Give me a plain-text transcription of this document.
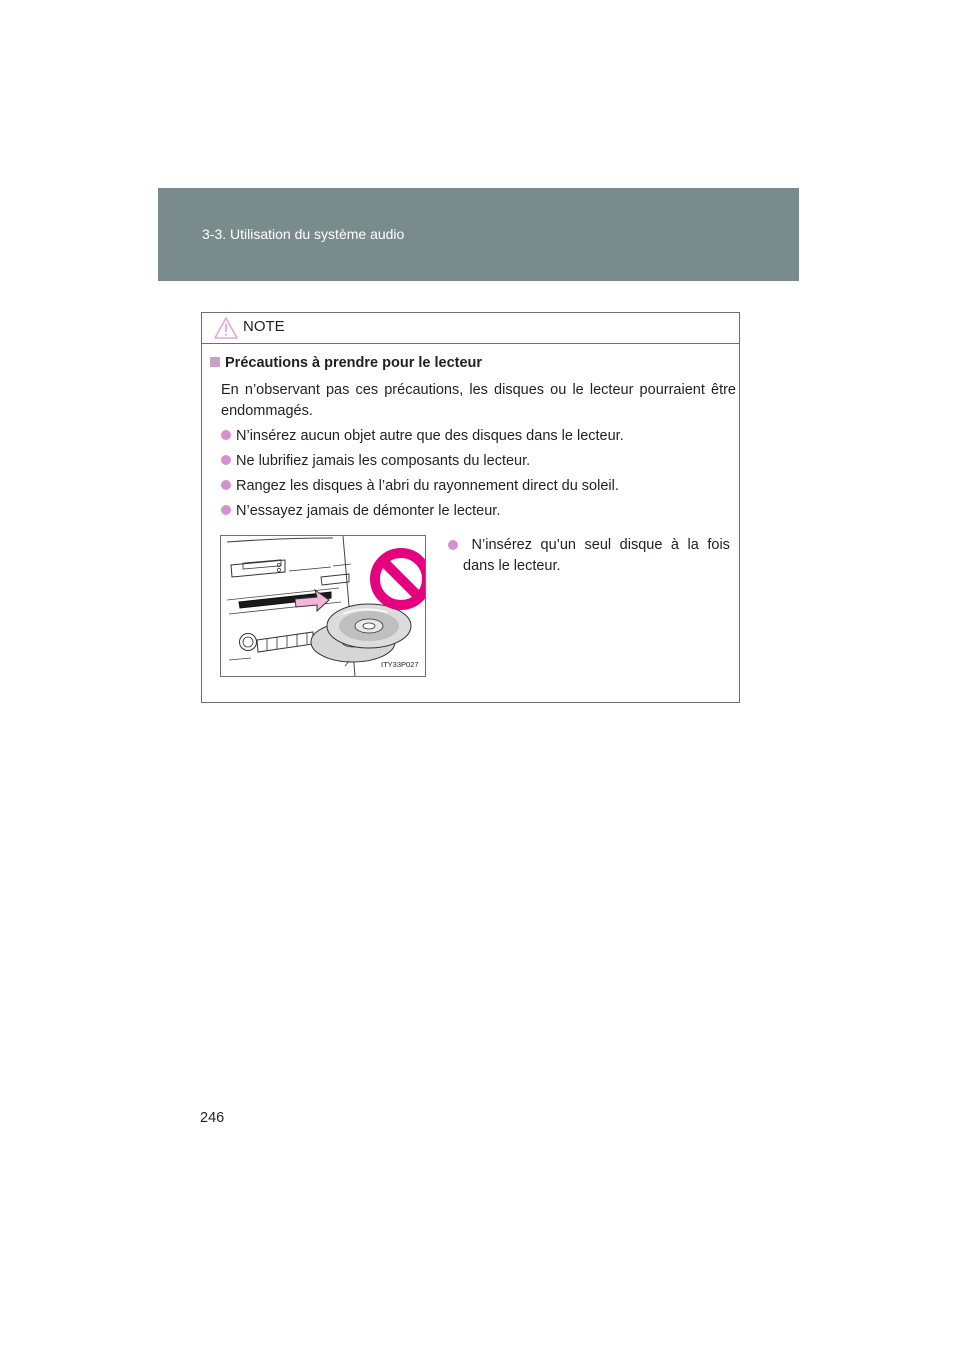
3-3. Utilisation du système audio
NOTE
Précautions à prendre pour le lecteur
En n’observant pas ces précautions, les disques ou le lecteur pourraient être endommagés.
N’insérez aucun objet autre que des disques dans le lecteur.
Ne lubrifiez jamais les composants du lecteur.
Rangez les disques à l’abri du rayonnement direct du soleil.
N’essayez jamais de démonter le lecteur.
ITY33P027
N’insérez qu’un seul disque à la fois
dans le lecteur.
246
